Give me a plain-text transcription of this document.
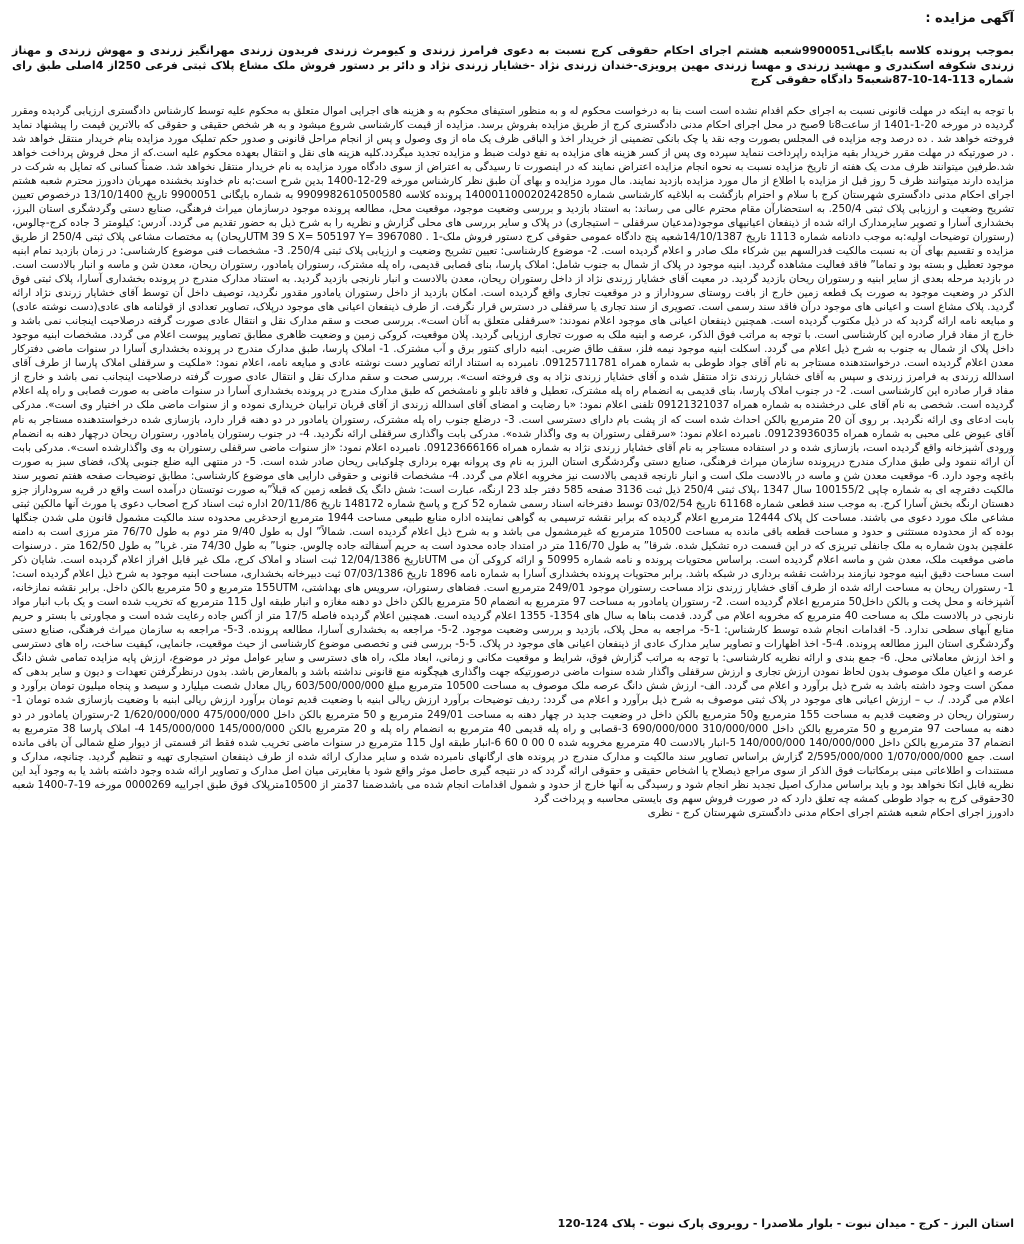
آگهی مزایده :

بموجب پرونده کلاسه بایگانی9900051شعبه هشتم اجرای احکام حقوقی کرج نسبت به دعوی فرامرز زرندی و کیومرث زرندی فریدون زرندی مهرانگیز زرندی و مهوش زرندی و مهناز زرندی شکوفه اسکندری و مهشید زرندی و مهسا زرندی مهین پرویزی-خندان زرندی نژاد -خشایار زرندی نژاد و دائر بر دستور فروش ملک مشاع پلاک ثبتی فرعی 250از 4اصلی طبق رای شماره 113-14-10-87شعبه5 دادگاه حقوقی کرج

با توجه به اینکه در مهلت قانونی نسبت به اجرای حکم اقدام نشده است است بنا به درخواست محکوم له و به منظور استیفای محکوم به و هزینه های اجرایی اموال متعلق به محکوم علیه توسط کارشناس دادگستری ارزیابی گردیده ومقرر گردیده در مورخه 20-1-1401 از ساعت8تا 9صبح در محل اجرای احکام مدنی دادگستری کرج از طریق مزایده بفروش برسد. مزایده از قیمت کارشناسی شروع میشود و به هر شخص حقیقی و حقوقی که بالاترین قیمت را پیشنهاد نماید فروخته خواهد شد . ده درصد وجه مزایده فی المجلس بصورت وجه نقد یا چک بانکی تضمینی از خریدار اخذ و الباقی ظرف یک ماه از وی وصول و پس از انجام مراحل قانونی و صدور حکم تملیک مورد مزایده بنام خریدار منتقل خواهد شد . در صورتیکه در مهلت مقرر خریدار بقیه مزایده راپرداخت ننماید سپرده وی پس از کسر هزینه های مزایده به نفع دولت ضبط و مزایده تجدید میگردد.کلیه هزینه های نقل و انتقال بعهده محکوم علیه است.که از محل فروش پرداخت خواهد شد.طرفین میتوانند ظرف مدت یک هفته از تاریخ مزایده نسبت به نحوه انجام مزایده اعتراض نمایند که در اینصورت تا رسیدگی به اعتراض از سوی دادگاه مورد مزایده به نام خریدار منتقل نخواهد شد. ضمناً کسانی که تمایل به شرکت در مزایده دارند میتوانند ظرف 5 روز قبل از مزایده با اطلاع از مال مورد مزایده بازدید نمایند. مال مورد مزایده و بهای آن طبق نظر کارشناس مورخه 29-12-1400 بدین شرح است:به نام خداوند بخشنده مهربان دادورز محترم شعبه هشتم اجرای احکام مدنی دادگستری شهرستان کرج با سلام و احترام بازگشت به ابلاغیه کارشناسی شماره 140001100020242850 پرونده کلاسه 9909982610500580 به شماره بایگانی 9900051 تاریخ 13/10/1400 درخصوص تعیین تشریح وضعیت و ارزیابی پلاک ثبتی 250/4. به استحضارآن مقام محترم عالی می رساند: به استناد بازدید و بررسی وضعیت موجود، موقعیت محل، مطالعه پرونده موجود درسازمان میراث فرهنگی، صنایع دستی وگردشگری استان البرز، بخشداری آسارا و تصویر سایرمدارک ارائه شده از ذینفعان اعیانیهای موجود(مدعیان سرقفلی – استیجاری) در پلاک و سایر بررسی های محلی گزارش و نظریه را به شرح ذیل به حضور تقدیم می گردد. آدرس: کیلومتر 3 جاده کرج-چالوس،(رستوران توضیحات اولیه:به موجب دادنامه شماره 1113 تاریخ 14/10/1387شعبه پنج دادگاه عمومی حقوقی کرج دستور فروش ملک-1 . UTM 39 S X= 505197 Y= 3967080ریحان) به مختصات مشاعی پلاک ثبتی 250/4 از طریق مزایده و تقسیم بهای آن به نسبت مالکیت فدرالسهم بین شرکاء ملک صادر و اعلام گردیده است. 2- موضوع کارشناسی: تعیین تشریح وضعیت و ارزیابی پلاک ثبتی 250/4. 3- مشخصات فنی موضوع کارشناسی: در زمان بازدید تمام ابنیه موجود تعطیل و بسته بود و تماما” فاقد فعالیت مشاهده گردید. ابنیه موجود در پلاک از شمال به جنوب شامل: املاک پارسا، بنای قصابی قدیمی، راه پله مشترک، رستوران یامادور، رستوران ریحان، معدن شن و ماسه و انبار بالادست است. در بازدید مرحله بعدی از سایر ابنیه و رستوران ریحان بازدید گردید. در معیت آقای خشایار زرندی نژاد از داخل رستوران ریحان، معدن بالادست و انبار نارنجی بازدید گردید. به استناد مدارک مندرج در پرونده بخشداری آسارا، پلاک ثبتی فوق الذکر در وضعیت موجود به صورت یک قطعه زمین خارج از بافت روستای سروداراز و در موقعیت تجاری واقع گردیده است. امکان بازدید از داخل رستوران یامادور مقدور نگردید، توصیف داخل آن توسط آقای خشایار زرندی نژاد ارائه گردید. پلاک مشاع است و اعیانی های موجود درآن فاقد سند رسمی است. تصویری از سند تجاری یا سرقفلی در دسترس قرار نگرفت. از طرف ذینفعان اعیانی های موجود درپلاک، تصاویر تعدادی از قولنامه های عادی(دست نوشته عادی) و مبایعه نامه ارائه گردید که در ذیل مکتوب گردیده است. همچنین ذینفعان اعیانی های موجود اعلام نمودند: «سرقفلی متعلق به آنان است». بررسی صحت و سقم مدارک نقل و انتقال عادی صورت گرفته درصلاحیت اینجانب نمی باشد و خارج از مفاد قرار صادره این کارشناسی است. با توجه به مراتب فوق الذکر، عرصه و ابنیه ملک به صورت تجاری ارزیابی گردید. پلان موقعیت، کروکی زمین و وضعیت ظاهری مطابق تصاویر پیوست اعلام می گردد. مشخصات ابنیه موجود داخل پلاک از شمال به جنوب به شرح ذیل اعلام می گردد. اسکلت ابنیه موجود نیمه فلز، سقف طاق ضربی. ابنیه دارای کنتور برق و آب مشترک. 1- املاک پارسا، طبق مدارک مندرج در پرونده بخشداری آسارا در سنوات ماضی دفترکار معدن اعلام گردیده است. درخواستدهنده مستاجر به نام آقای جواد طوطی به شماره همراه 09125711781. نامبرده به استناد ارائه تصاویر دست نوشته عادی و مبایعه نامه، اعلام نمود: «ملکیت و سرقفلی املاک پارسا از طرف آقای اسدالله زرندی به فرامرز زرندی و سپس به آقای خشایار زرندی نژاد منتقل شده و آقای خشایار زرندی نژاد به وی فروخته است». بررسی صحت و سقم مدارک نقل و انتقال عادی صورت گرفته درصلاحیت اینجانب نمی باشد و خارج از مفاد قرار صادره این کارشناسی است. 2- در جنوب املاک پارسا، بنای قدیمی به انضمام راه پله مشترک، تعطیل و فاقد تابلو و نامشخص که طبق مدارک مندرج در پرونده بخشداری آسارا در سنوات ماضی به صورت قصابی و راه پله اعلام گردیده است. شخصی به نام آقای علی درخشنده به شماره همراه 09121321037 تلفنی اعلام نمود: «با رضایت و امضای آقای اسدالله زرندی از آقای قربان ترابیان خریداری نموده و از سنوات ماضی ملک در اختیار وی است». مدرکی بابت ادعای وی ارائه نگردید. بر روی آن 20 مترمربع بالکن احداث شده است که از پشت بام دارای دسترسی است. 3- درضلع جنوب راه پله مشترک، رستوران یامادور در دو دهنه قرار دارد، بازسازی شده درخواستدهنده مستاجر به نام آقای عیوض علی محبی به شماره همراه 09123936035. نامبرده اعلام نمود: «سرقفلی رستوران به وی واگذار شده». مدرکی بابت واگذاری سرقفلی ارائه نگردید. 4- در جنوب رستوران یامادور، رستوران ریحان درچهار دهنه به انضمام ورودی آشپزخانه واقع گردیده است، بازسازی شده و در استفاده مستاجر به نام آقای خشایار زرندی نژاد به شماره همراه 09123666166. نامبرده اعلام نمود: «از سنوات ماضی سرقفلی رستوران به وی واگذارشده است». مدرکی بابت آن ارائه ننمود ولی طبق مدارک مندرج درپرونده سازمان میراث فرهنگی، صنایع دستی وگردشگری استان البرز به نام وی پروانه بهره برداری چلوکبابی ریحان صادر شده است. 5- در منتهی الیه ضلع جنوبی پلاک، فضای سبز به صورت باغچه وجود دارد. 6- موقعیت معدن شن و ماسه در بالادست ملک است و انبار نارنجه قدیمی بالادست نیز مخروبه اعلام می گردد. 4- مشخصات قانونی و حقوقی دارایی های موضوع کارشناسی: مطابق توضیحات صفحه هفتم تصویر سند مالکیت دفترچه ای به شماره چاپی 100155/2 سال 1347 ،پلاک ثبتی 250/4 ذیل ثبت 3136 صفحه 585 دفتر جلد 23 ارنگه، عبارت است: شش دانگ یک قطعه زمین که قبلاً”به صورت توتستان درآمده است واقع در قریه سروداراز جزو دهستان ارنگه بخش آسارا کرج. به موجب سند قطعی شماره 61168 تاریخ 03/02/54 توسط دفترخانه اسناد رسمی شماره 52 کرج و پاسخ شماره 148172 تاریخ 20/11/86 اداره ثبت اسناد کرج اصحاب دعوی یا مورث آنها مالکین ثبتی مشاعی ملک مورد دعوی می باشند. مساحت کل پلاک 12444 مترمربع اعلام گردیده که برابر نقشه ترسیمی به گواهی نماینده اداره منابع طبیعی مساحت 1944 مترمربع ازحدغربی محدوده سند مالکیت مشمول قانون ملی شدن جنگلها بوده که از محدوده مستثنی و حدود و مساحت قطعه باقی مانده به مساحت 10500 مترمربع که غیرمشمول می باشد و به شرح ذیل اعلام گردیده است. شمالاً” اول به طول 9/40 متر دوم به طول 76/70 متر مرزی است به دامنه علفچین بدون شماره به ملک جانفلی تبریزی که در این قسمت دره تشکیل شده. شرقا” به طول 116/70 متر در امتداد جاده محدود است به حریم آسفالته جاده چالوس. جنوبا” به طول 74/30 متر. غربا” به طول 162/50 متر . درسنوات ماضی موقعیت ملک، معدن شن و ماسه اعلام گردیده است. براساس محتویات پرونده و نامه شماره 50995 و ارائه کروکی آن می UTMتاریخ 12/04/1386 ثبت اسناد و املاک کرج، ملک غیر قابل افراز اعلام گردیده است. شایان ذکر است مساحت دقیق ابنیه موجود نیازمند برداشت نقشه برداری در شبکه باشد. برابر محتویات پرونده بخشداری آسارا به شماره نامه 1896 تاریخ 07/03/1386 ثبت دبیرخانه بخشداری، مساحت ابنیه موجود به شرح ذیل اعلام گردیده است: 1- رستوران ریحان به مساحت ارائه شده از طرف آقای خشایار زرندی نژاد مساحت رستوران موجود 249/01 مترمربع است. فضاهای رستوران، سرویس های بهداشتی، 155UTM مترمربع و 50 مترمربع بالکن داخل. برابر نقشه نمازخانه، آشپزخانه و محل پخت و بالکن داخل50 مترمربع اعلام گردیده است. 2- رستوران یامادور به مساحت 97 مترمربع به انضمام 50 مترمربع بالکن داخل دو دهنه مغازه و انبار طبقه اول 115 مترمربع که تخریب شده است و یک باب انبار مواد نارنجی در بالادست ملک به مساحت 40 مترمربع که مخروبه اعلام می گردد. قدمت بناها به سال های 1354- 1355 اعلام گردیده است. همچنین اعلام گردیده فاصله 17/5 متر از آکس جاده رعایت شده است و مجاورتی با بستر و حریم منابع آبهای سطحی ندارد. 5- اقدامات انجام شده توسط کارشناس: 1-5- مراجعه به محل پلاک، بازدید و بررسی وضعیت موجود. 2-5- مراجعه به بخشداری آسارا، مطالعه پرونده. 3-5- مراجعه به سازمان میراث فرهنگی، صنایع دستی وگردشگری استان البرز مطالعه پرونده. 4-5- اخذ اظهارات و تصاویر سایر مدارک عادی از ذینفعان اعیانی های موجود در پلاک. 5-5- بررسی فنی و تخصصی موضوع کارشناسی از حیث موقعیت، جانمایی، کیفیت ساخت، راه های دسترسی و اخذ ارزش معاملاتی محل. 6- جمع بندی و ارائه نظریه کارشناسی: با توجه به مراتب گزارش فوق، شرایط و موقعیت مکانی و زمانی، ابعاد ملک، راه های دسترسی و سایر عوامل موثر در موضوع، ارزش پایه مزایده تمامی شش دانگ عرصه و اعیان ملک موصوف بدون لحاظ نمودن ارزش تجاری و ارزش سرقفلی واگذار شده سنوات ماضی درصورتیکه جهت واگذاری هیچگونه منع قانونی نداشته باشد و بالمعارض باشد. بدون درنظرگرفتن تعهدات و دیون و سایر بدهی که ممکن است وجود داشته باشد به شرح ذیل برآورد و اعلام می گردد. الف- ارزش شش دانگ عرصه ملک موصوف به مساحت 10500 مترمربع مبلغ 603/500/000/000 ریال معادل شصت میلیارد و سیصد و پنجاه میلیون تومان برآورد و اعلام می گردد. /. ب – ارزش اعیانی های موجود در پلاک ثبتی موصوف به شرح ذیل برآورد و اعلام می گردد: ردیف توضیحات برآورد ارزش ریالی ابنیه با وضعیت قدیم تومان برآورد ارزش ریالی ابنیه با وضعیت بازسازی شده تومان 1-رستوران ریحان در وضعیت قدیم به مساحت 155 مترمربع و50 مترمربع بالکن داخل در وضعیت جدید در چهار دهنه به مساحت 249/01 مترمربع و 50 مترمربع بالکن داخل 475/000/000 1/620/000/000 2-رستوران یامادور در دو دهنه به مساحت 97 مترمربع و 50 مترمربع بالکن داخل 310/000/000 690/000/000 3-قصابی و راه پله قدیمی 40 مترمربع به انضمام راه پله و 20 مترمربع بالکن 145/000/000 145/000/000 4- املاک پارسا 38 مترمربع به انضمام 37 مترمربع بالکن داخل 140/000/000 140/000/000 5-انبار بالادست 40 مترمربع مخروبه شده 0 00 0 60 6-انبار طبقه اول 115 مترمربع در سنوات ماضی تخریب شده فقط اثر قسمتی از دیوار ضلع شمالی آن باقی مانده است. جمع 1/070/000/000 2/595/000/000 گزارش براساس تصاویر سند مالکیت و مدارک مندرج در پرونده های ارگانهای نامبرده شده و سایر مدارک ارائه شده از طرف ذینفعان استیجاری تهیه و تنظیم گردید. چنانچه، مدارک و مستندات و اطلاعاتی مبنی برمکاتبات فوق الذکر از سوی مراجع ذیصلاح یا اشخاص حقیقی و حقوقی ارائه گردد که در نتیجه گیری حاصل موثر واقع شود یا مغایرتی میان اصل مدارک و تصاویر ارائه شده وجود داشته باشد یا به وجود آید این نظریه قابل اتکا نخواهد بود و باید براساس مدارک اصیل تجدید نظر انجام شود و رسیدگی به آنها خارج از حدود و شمول اقدامات انجام شده می باشدضمنا 37متر از 10500مترپلاک فوق طبق اجراییه 0000269 مورخه 19-7-1400 شعبه 30حقوقی کرج به جواد طوطی کمشه چه تعلق دارد که در صورت فروش سهم وی بایستی محاسبه و پرداخت گرد

دادورز اجرای احکام شعبه هشتم اجرای احکام مدنی دادگستری شهرستان کرج - نظری

استان البرز - کرج - میدان نبوت - بلوار ملاصدرا - روبروی پارک نبوت - پلاک 124-120
